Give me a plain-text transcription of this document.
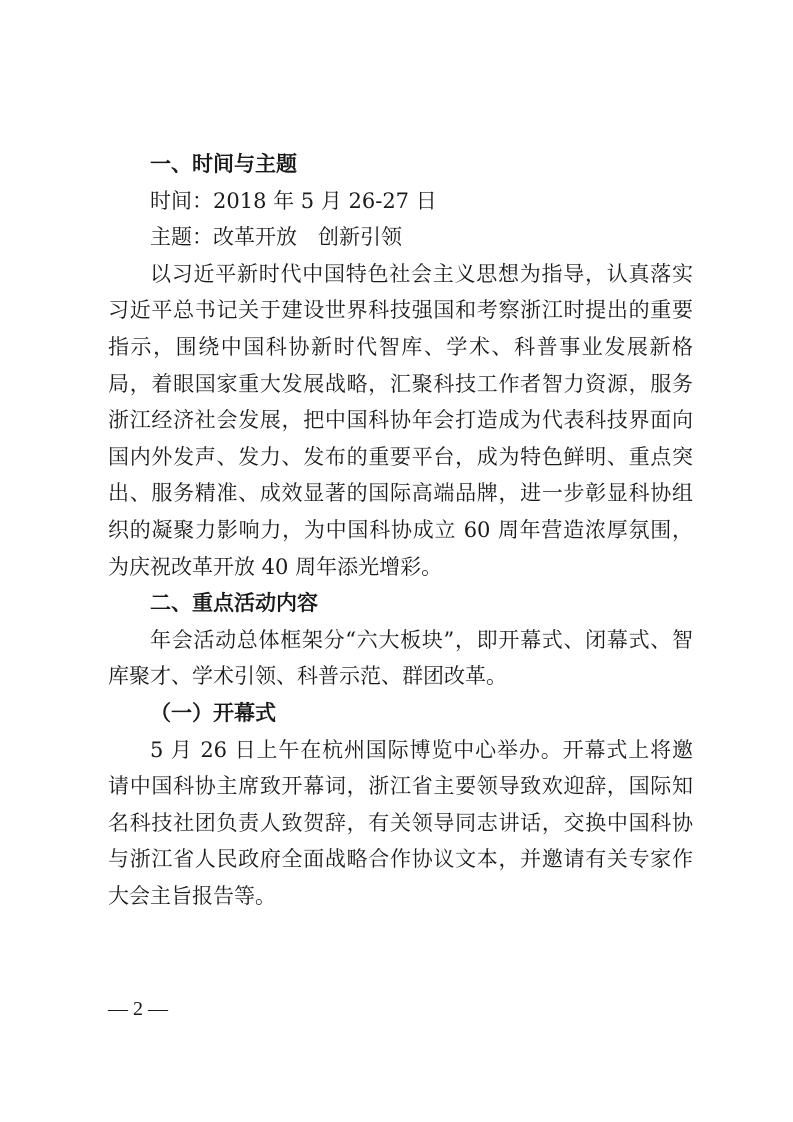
一、时间与主题

时间：2018 年 5 月 26-27 日

主题：改革开放　创新引领

以习近平新时代中国特色社会主义思想为指导，认真落实习近平总书记关于建设世界科技强国和考察浙江时提出的重要指示，围绕中国科协新时代智库、学术、科普事业发展新格局，着眼国家重大发展战略，汇聚科技工作者智力资源，服务浙江经济社会发展，把中国科协年会打造成为代表科技界面向国内外发声、发力、发布的重要平台，成为特色鲜明、重点突出、服务精准、成效显著的国际高端品牌，进一步彰显科协组织的凝聚力影响力，为中国科协成立 60 周年营造浓厚氛围，为庆祝改革开放 40 周年添光增彩。

二、重点活动内容

年会活动总体框架分“六大板块”，即开幕式、闭幕式、智库聚才、学术引领、科普示范、群团改革。

（一）开幕式

5 月 26 日上午在杭州国际博览中心举办。开幕式上将邀请中国科协主席致开幕词，浙江省主要领导致欢迎辞，国际知名科技社团负责人致贺辞，有关领导同志讲话，交换中国科协与浙江省人民政府全面战略合作协议文本，并邀请有关专家作大会主旨报告等。

— 2 —
